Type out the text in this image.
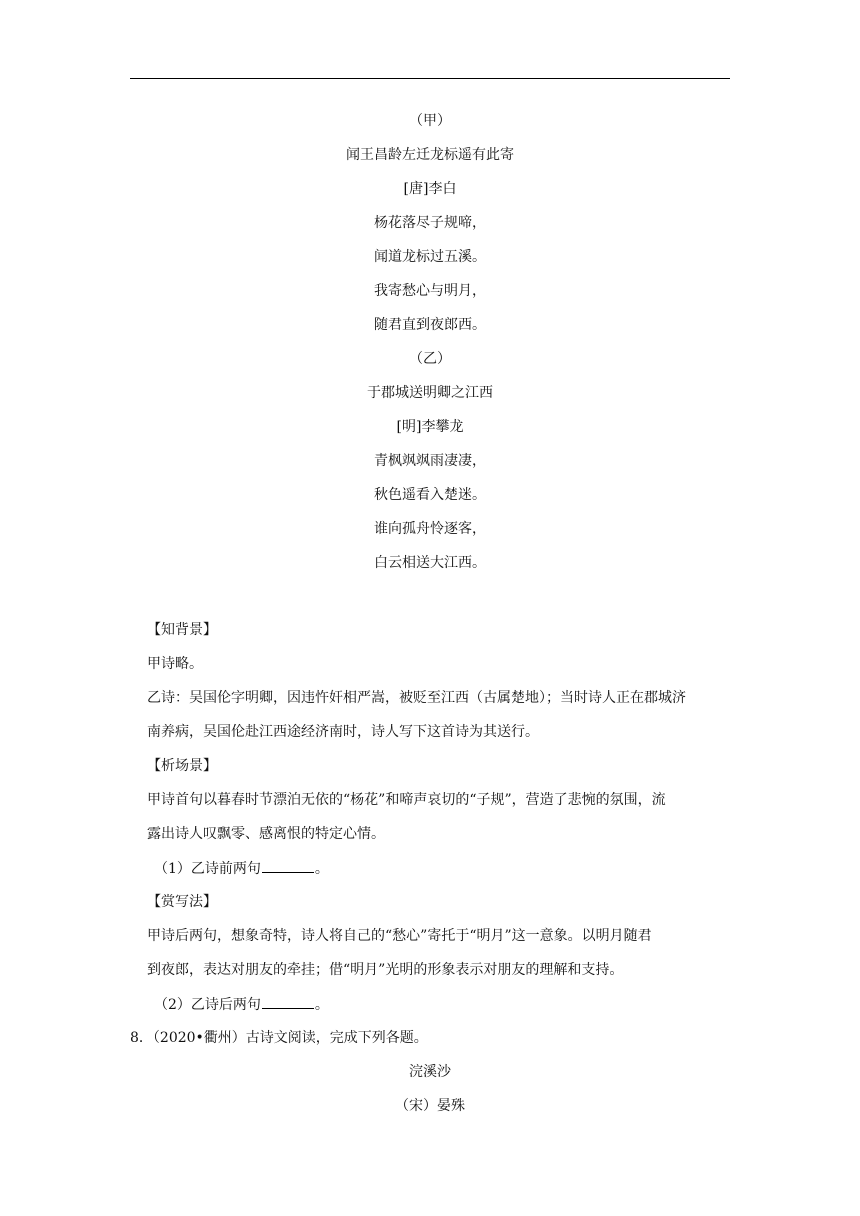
（甲）
闻王昌龄左迁龙标遥有此寄
[唐]李白
杨花落尽子规啼，
闻道龙标过五溪。
我寄愁心与明月，
随君直到夜郎西。
（乙）
于郡城送明卿之江西
[明]李攀龙
青枫飒飒雨凄凄，
秋色遥看入楚迷。
谁向孤舟怜逐客，
白云相送大江西。
【知背景】
甲诗略。
乙诗：吴国伦字明卿，因违忤奸相严嵩，被贬至江西（古属楚地）；当时诗人正在郡城济
南养病，吴国伦赴江西途经济南时，诗人写下这首诗为其送行。
【析场景】
甲诗首句以暮春时节漂泊无依的“杨花”和啼声哀切的“子规”，营造了悲惋的氛围，流
露出诗人叹飘零、感离恨的特定心情。
（1）乙诗前两句	。
【赏写法】
甲诗后两句，想象奇特，诗人将自己的“愁心”寄托于“明月”这一意象。以明月随君
到夜郎，表达对朋友的牵挂；借“明月”光明的形象表示对朋友的理解和支持。
（2）乙诗后两句	。
8．（2020•衢州）古诗文阅读，完成下列各题。
浣溪沙
（宋）晏殊
